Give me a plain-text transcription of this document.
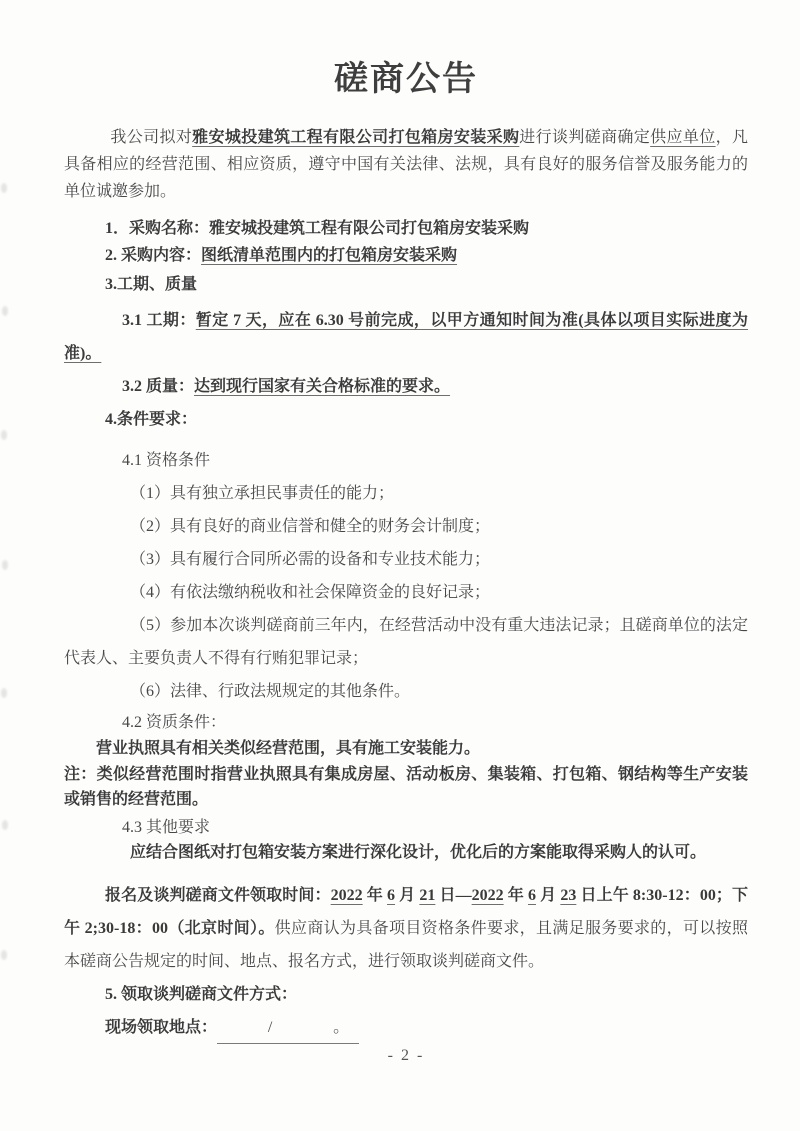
磋商公告

我公司拟对雅安城投建筑工程有限公司打包箱房安装采购进行谈判磋商确定供应单位，凡具备相应的经营范围、相应资质，遵守中国有关法律、法规，具有良好的服务信誉及服务能力的单位诚邀参加。

1．采购名称：雅安城投建筑工程有限公司打包箱房安装采购

2. 采购内容：图纸清单范围内的打包箱房安装采购

3.工期、质量

3.1 工期：暂定 7 天，应在 6.30 号前完成，以甲方通知时间为准(具体以项目实际进度为准)。

3.2 质量：达到现行国家有关合格标准的要求。

4.条件要求：

4.1 资格条件

（1）具有独立承担民事责任的能力；

（2）具有良好的商业信誉和健全的财务会计制度；

（3）具有履行合同所必需的设备和专业技术能力；

（4）有依法缴纳税收和社会保障资金的良好记录；

（5）参加本次谈判磋商前三年内，在经营活动中没有重大违法记录；且磋商单位的法定代表人、主要负责人不得有行贿犯罪记录；

（6）法律、行政法规规定的其他条件。

4.2 资质条件：

营业执照具有相关类似经营范围，具有施工安装能力。

注：类似经营范围时指营业执照具有集成房屋、活动板房、集装箱、打包箱、钢结构等生产安装或销售的经营范围。

4.3 其他要求

应结合图纸对打包箱安装方案进行深化设计，优化后的方案能取得采购人的认可。

报名及谈判磋商文件领取时间：2022 年 6 月 21 日—2022 年 6 月 23 日上午 8:30-12：00；下午 2;30-18：00（北京时间）。供应商认为具备项目资格条件要求，且满足服务要求的，可以按照本磋商公告规定的时间、地点、报名方式，进行领取谈判磋商文件。

5. 领取谈判磋商文件方式：

现场领取地点：	/	。

- 2 -
